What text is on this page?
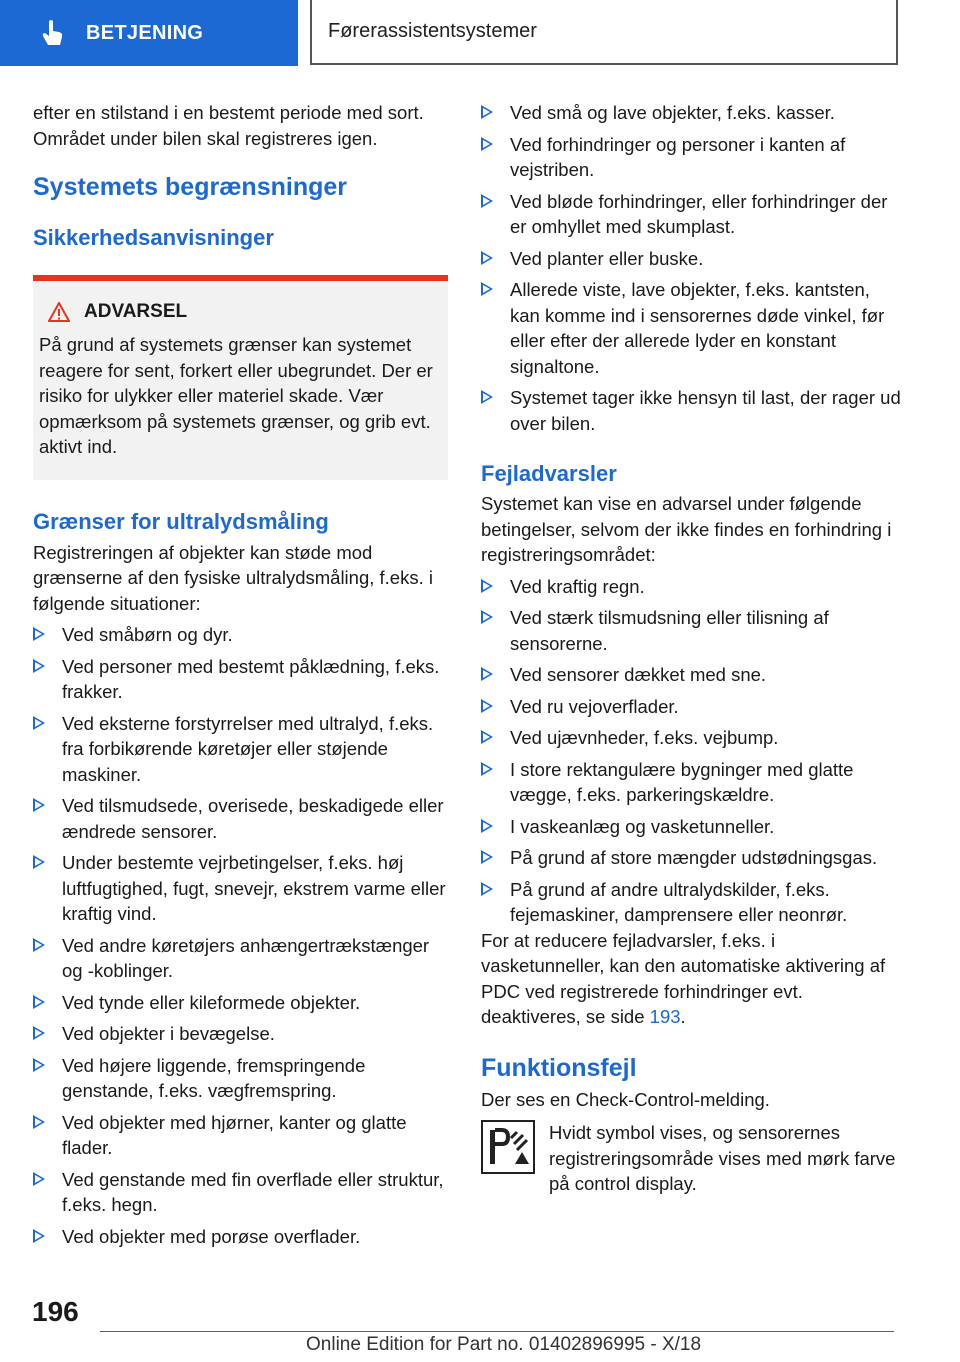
BETJENING	Førerassistentsystemer

efter en stilstand i en bestemt periode med sort. Området under bilen skal registreres igen.

Systemets begrænsninger
Sikkerhedsanvisninger
ADVARSEL

På grund af systemets grænser kan systemet reagere for sent, forkert eller ubegrundet. Der er risiko for ulykker eller materiel skade. Vær opmærksom på systemets grænser, og grib evt. aktivt ind.

Grænser for ultralydsmåling

Registreringen af objekter kan støde mod grænserne af den fysiske ultralydsmåling, f.eks. i følgende situationer:

Ved småbørn og dyr.
Ved personer med bestemt påklædning, f.eks. frakker.
Ved eksterne forstyrrelser med ultralyd, f.eks. fra forbikørende køretøjer eller støjende maskiner.
Ved tilsmudsede, overisede, beskadigede eller ændrede sensorer.
Under bestemte vejrbetingelser, f.eks. høj luftfugtighed, fugt, snevejr, ekstrem varme eller kraftig vind.
Ved andre køretøjers anhængertrækstænger og -koblinger.
Ved tynde eller kileformede objekter.
Ved objekter i bevægelse.
Ved højere liggende, fremspringende genstande, f.eks. vægfremspring.
Ved objekter med hjørner, kanter og glatte flader.
Ved genstande med fin overflade eller struktur, f.eks. hegn.
Ved objekter med porøse overflader.
Ved små og lave objekter, f.eks. kasser.
Ved forhindringer og personer i kanten af vejstriben.
Ved bløde forhindringer, eller forhindringer der er omhyllet med skumplast.
Ved planter eller buske.
Allerede viste, lave objekter, f.eks. kantsten, kan komme ind i sensorernes døde vinkel, før eller efter der allerede lyder en konstant signaltone.
Systemet tager ikke hensyn til last, der rager ud over bilen.
Fejladvarsler

Systemet kan vise en advarsel under følgende betingelser, selvom der ikke findes en forhindring i registreringsområdet:

Ved kraftig regn.
Ved stærk tilsmudsning eller tilisning af sensorerne.
Ved sensorer dækket med sne.
Ved ru vejoverflader.
Ved ujævnheder, f.eks. vejbump.
I store rektangulære bygninger med glatte vægge, f.eks. parkeringskældre.
I vaskeanlæg og vasketunneller.
På grund af store mængder udstødningsgas.
På grund af andre ultralydskilder, f.eks. fejemaskiner, damprensere eller neonrør.

For at reducere fejladvarsler, f.eks. i vasketunneller, kan den automatiske aktivering af PDC ved registrerede forhindringer evt. deaktiveres, se side 193.

Funktionsfejl

Der ses en Check-Control-melding.

Hvidt symbol vises, og sensorernes registreringsområde vises med mørk farve på control display.

196
Online Edition for Part no. 01402896995 - X/18
